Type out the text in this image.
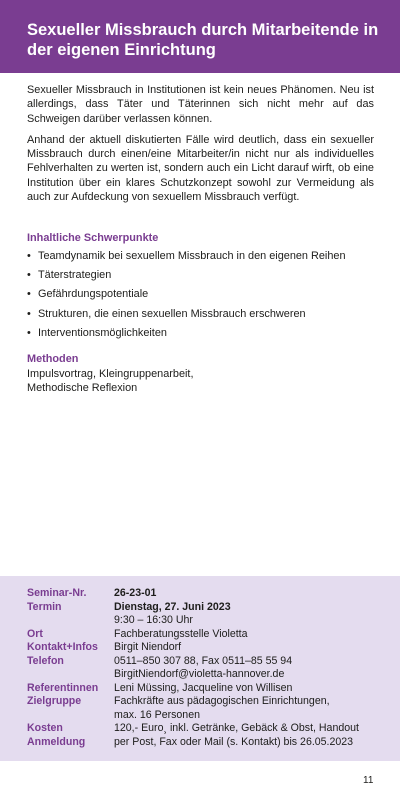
Sexueller Missbrauch durch Mitarbeitende in der eigenen Einrichtung

Sexueller Missbrauch in Institutionen ist kein neues Phänomen. Neu ist allerdings, dass Täter und Täterinnen sich nicht mehr auf das Schweigen darüber verlassen können.

Anhand der aktuell diskutierten Fälle wird deutlich, dass ein sexueller Missbrauch durch einen/eine Mitarbeiter/in nicht nur als individuelles Fehlverhalten zu werten ist, sondern auch ein Licht darauf wirft, ob eine Institution über ein klares Schutzkonzept sowohl zur Vermeidung als auch zur Aufdeckung von sexuellem Missbrauch verfügt.

Inhaltliche Schwerpunkte
• Teamdynamik bei sexuellem Missbrauch in den eigenen Reihen
• Täterstrategien
• Gefährdungspotentiale
• Strukturen, die einen sexuellen Missbrauch erschweren
• Interventionsmöglichkeiten
Methoden
Impulsvortrag, Kleingruppenarbeit,
Methodische Reflexion
Seminar-Nr.	26-23-01
Termin	Dienstag, 27. Juni 2023
9:30 – 16:30 Uhr

Ort	Fachberatungsstelle Violetta
Kontakt+Infos	Birgit Niendorf
Telefon	0511–850 307 88, Fax 0511–85 55 94
BirgitNiendorf@violetta-hannover.de

Referentinnen	Leni Müssing, Jacqueline von Willisen
Zielgruppe	Fachkräfte aus pädagogischen Einrichtungen,
max. 16 Personen

Kosten	120,- Euro¸ inkl. Getränke, Gebäck & Obst, Handout
Anmeldung	per Post, Fax oder Mail (s. Kontakt) bis 26.05.2023
11
